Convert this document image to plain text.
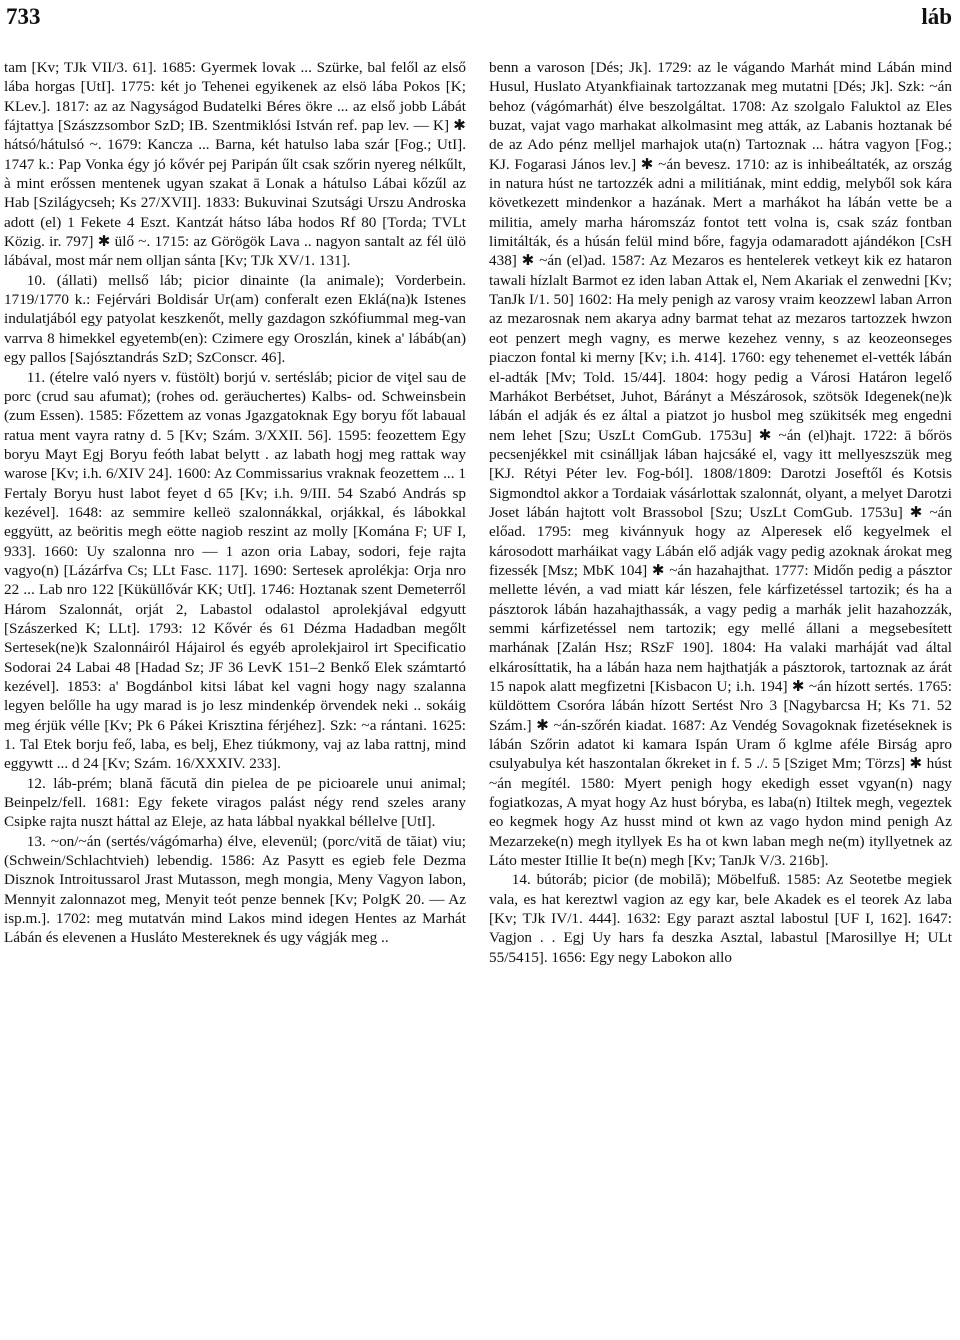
733	láb

tam [Kv; TJk VII/3. 61]. 1685: Gyermek lovak ... Szürke, bal felől az első lába horgas [UtI]. 1775: két jo Tehenei egyikenek az elsö lába Pokos [K; KLev.]. 1817: az az Nagyságod Budatelki Béres ökre ... az első jobb Lábát fájtattya [Szászzsombor SzD; IB. Szentmiklósi István ref. pap lev. — K] ✱ hátsó/hátulsó ~. 1679: Kancza ... Barna, két hatulso laba szár [Fog.; UtI]. 1747 k.: Pap Vonka égy jó kővér pej Paripán űlt csak szőrin nyereg nélkűlt, à mint erőssen mentenek ugyan szakat ā Lonak a hátulso Lábai kőzűl az Hab [Szilágycseh; Ks 27/XVII]. 1833: Bukuvinai Szutsági Urszu Androska adott (el) 1 Fekete 4 Eszt. Kantzát hátso lába hodos Rf 80 [Torda; TVLt Közig. ir. 797] ✱ ülő ~. 1715: az Görögök Lava .. nagyon santalt az fél ülö lábával, most már nem olljan sánta [Kv; TJk XV/1. 131].

10. (állati) mellső láb; picior dinainte (la animale); Vorderbein. 1719/1770 k.: Fejérvári Boldisár Ur(am) conferalt ezen Eklá(na)k Istenes indulatjából egy patyolat keszkenőt, melly gazdagon szkófiummal meg-van varrva 8 himekkel egyetemb(en): Czimere egy Oroszlán, kinek a' lábáb(an) egy pallos [Sajósztandrás SzD; SzConscr. 46].

11. (ételre való nyers v. füstölt) borjú v. sertésláb; picior de viţel sau de porc (crud sau afumat); (rohes od. geräuchertes) Kalbs- od. Schweinsbein (zum Essen). 1585: Főzettem az vonas Jgazgatoknak Egy boryu főt labaual ratua ment vayra ratny d. 5 [Kv; Szám. 3/XXII. 56]. 1595: feozettem Egy boryu Mayt Egj Boryu feóth labat belytt . az labath hogj meg rattak way warose [Kv; i.h. 6/XIV 24]. 1600: Az Commissarius vraknak feozettem ... 1 Fertaly Boryu hust labot feyet d 65 [Kv; i.h. 9/III. 54 Szabó András sp kezével]. 1648: az semmire kelleö szalonnákkal, orjákkal, és lábokkal eggyütt, az beöritis megh eötte nagiob reszint az molly [Komána F; UF I, 933]. 1660: Uy szalonna nro — 1 azon oria Labay, sodori, feje rajta vagyo(n) [Lázárfva Cs; LLt Fasc. 117]. 1690: Sertesek aprolékja: Orja nro 22 ... Lab nro 122 [Küküllővár KK; UtI]. 1746: Hoztanak szent Demeterről Három Szalonnát, orját 2, Labastol odalastol aprolekjával edgyutt [Szászerked K; LLt]. 1793: 12 Kővér és 61 Dézma Hadadban megőlt Sertesek(ne)k Szalonnáiról Hájairol és egyéb aprolekjairol irt Specificatio Sodorai 24 Labai 48 [Hadad Sz; JF 36 LevK 151–2 Benkő Elek számtartó kezével]. 1853: a' Bogdánbol kitsi lábat kel vagni hogy nagy szalanna legyen belőlle ha ugy marad is jo lesz mindenkép örvendek neki .. sokáig meg érjük vélle [Kv; Pk 6 Pákei Krisztina férjéhez]. Szk: ~a rántani. 1625: 1. Tal Etek borju feő, laba, es belj, Ehez tiúkmony, vaj az laba rattnj, mind eggywtt ... d 24 [Kv; Szám. 16/XXXIV. 233].

12. láb-prém; blană făcută din pielea de pe picioarele unui animal; Beinpelz/fell. 1681: Egy fekete viragos palást négy rend szeles arany Csipke rajta nuszt háttal az Eleje, az hata lábbal nyakkal béllelve [UtI].

13. ~on/~án (sertés/vágómarha) élve, elevenül; (porc/vită de tăiat) viu; (Schwein/Schlachtvieh) lebendig. 1586: Az Pasytt es egieb fele Dezma Disznok Introitussarol Jrast Mutasson, megh mongia, Meny Vagyon labon, Mennyit zalonnazot meg, Menyit teót penze bennek [Kv; PolgK 20. — Az isp.m.]. 1702: meg mutatván mind Lakos mind idegen Hentes az Marhát Lábán és elevenen a Husláto Mestereknek és ugy vágják meg ..

benn a varoson [Dés; Jk]. 1729: az le vágando Marhát mind Lábán mind Husul, Huslato Atyankfiainak tartozzanak meg mutatni [Dés; Jk]. Szk: ~án behoz (vágómarhát) élve beszolgáltat. 1708: Az szolgalo Faluktol az Eles buzat, vajat vago marhakat alkolmasint meg atták, az Labanis hoztanak bé de az Ado pénz melljel marhajok uta(n) Tartoznak ... hátra vagyon [Fog.; KJ. Fogarasi János lev.] ✱ ~án bevesz. 1710: az is inhibeáltaték, az ország in natura húst ne tartozzék adni a militiának, mint eddig, melyből sok kára következett mindenkor a hazának. Mert a marhákot ha lábán vette be a militia, amely marha háromszáz fontot tett volna is, csak száz fontban limitálták, és a húsán felül mind bőre, fagyja odamaradott ajándékon [CsH 438] ✱ ~án (el)ad. 1587: Az Mezaros es hentelerek vetkeyt kik ez hataron tawali hízlalt Barmot ez iden laban Attak el, Nem Akariak el zenwedni [Kv; TanJk I/1. 50] 1602: Ha mely penigh az varosy vraim keozzewl laban Arron az mezarosnak nem akarya adny barmat tehat az mezaros tartozzek hwzon eot penzert megh vagny, es merwe kezehez venny, s az keozeonseges piaczon fontal ki merny [Kv; i.h. 414]. 1760: egy tehenemet el-vették lábán el-adták [Mv; Told. 15/44]. 1804: hogy pedig a Városi Határon legelő Marhákot Berbétset, Juhot, Bárányt a Mészárosok, szötsök Idegenek(ne)k lábán el adják és ez által a piatzot jo husbol meg szükitsék meg engedni nem lehet [Szu; UszLt ComGub. 1753u] ✱ ~án (el)hajt. 1722: ā bőrös pecsenjékkel mit csinálljak lában hajcsáké el, vagy itt mellyeszszük meg [KJ. Rétyi Péter lev. Fog-ból]. 1808/1809: Darotzi Joseftől és Kotsis Sigmondtol akkor a Tordaiak vásárlottak szalonnát, olyant, a melyet Darotzi Joset lábán hajtott volt Brassobol [Szu; UszLt ComGub. 1753u] ✱ ~án előad. 1795: meg kivánnyuk hogy az Alperesek elő kegyelmek el károsodott marháikat vagy Lábán elő adják vagy pedig azoknak árokat meg fizessék [Msz; MbK 104] ✱ ~án hazahajthat. 1777: Midőn pedig a pásztor mellette lévén, a vad miatt kár lészen, fele kárfizetéssel tartozik; és ha a pásztorok lábán hazahajthassák, a vagy pedig a marhák jelit hazahozzák, semmi kárfizetéssel nem tartozik; egy mellé állani a megsebesített marhának [Zalán Hsz; RSzF 190]. 1804: Ha valaki marháját vad által elkárosíttatik, ha a lábán haza nem hajthatják a pásztorok, tartoznak az árát 15 napok alatt megfizetni [Kisbacon U; i.h. 194] ✱ ~án hízott sertés. 1765: küldöttem Csoróra lábán hízott Sertést Nro 3 [Nagybarcsa H; Ks 71. 52 Szám.] ✱ ~án-szőrén kiadat. 1687: Az Vendég Sovagoknak fizetéseknek is lábán Szőrin adatot ki kamara Ispán Uram ő kglme aféle Birság apro csulyabulya két haszontalan őkreket in f. 5 ./. 5 [Sziget Mm; Törzs] ✱ húst ~án megítél. 1580: Myert penigh hogy ekedigh esset vgyan(n) nagy fogiatkozas, A myat hogy Az hust bóryba, es laba(n) Itiltek megh, vegeztek eo kegmek hogy Az husst mind ot kwn az vago hydon mind penigh Az Mezarzeke(n) megh ityllyek Es ha ot kwn laban megh ne(m) ityllyetnek az Láto mester Itillie It be(n) megh [Kv; TanJk V/3. 216b].

14. bútoráb; picior (de mobilă); Möbelfuß. 1585: Az Seotetbe megiek vala, es hat kereztwl vagion az egy kar, bele Akadek es el teorek Az laba [Kv; TJk IV/1. 444]. 1632: Egy parazt asztal labostul [UF I, 162]. 1647: Vagjon . . Egj Uy hars fa deszka Asztal, labastul [Marosillye H; ULt 55/5415]. 1656: Egy negy Labokon allo
